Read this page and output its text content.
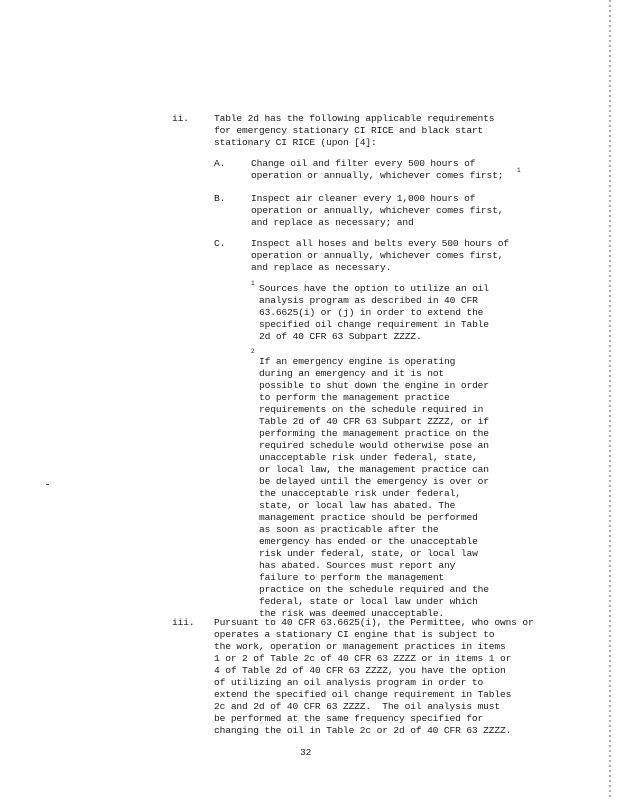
ii.	Table 2d has the following applicable requirements
for emergency stationary CI RICE and black start
stationary CI RICE (upon [4]:
A.	Change oil and filter every 500 hours of
operation or annually, whichever comes first; 1
B.	Inspect air cleaner every 1,000 hours of
operation or annually, whichever comes first,
and replace as necessary; and
C.	Inspect all hoses and belts every 500 hours of
operation or annually, whichever comes first,
and replace as necessary.
1 Sources have the option to utilize an oil
analysis program as described in 40 CFR
63.6625(i) or (j) in order to extend the
specified oil change requirement in Table
2d of 40 CFR 63 Subpart ZZZZ.
2
If an emergency engine is operating
during an emergency and it is not
possible to shut down the engine in order
to perform the management practice
requirements on the schedule required in
Table 2d of 40 CFR 63 Subpart ZZZZ, or if
performing the management practice on the
required schedule would otherwise pose an
unacceptable risk under federal, state,
or local law, the management practice can
be delayed until the emergency is over or
the unacceptable risk under federal,
state, or local law has abated. The
management practice should be performed
as soon as practicable after the
emergency has ended or the unacceptable
risk under federal, state, or local law
has abated. Sources must report any
failure to perform the management
practice on the schedule required and the
federal, state or local law under which
the risk was deemed unacceptable.
iii. Pursuant to 40 CFR 63.6625(i), the Permittee, who owns or
operates a stationary CI engine that is subject to
the work, operation or management practices in items
1 or 2 of Table 2c of 40 CFR 63 ZZZZ or in items 1 or
4 of Table 2d of 40 CFR 63 ZZZZ, you have the option
of utilizing an oil analysis program in order to
extend the specified oil change requirement in Tables
2c and 2d of 40 CFR 63 ZZZZ.  The oil analysis must
be performed at the same frequency specified for
changing the oil in Table 2c or 2d of 40 CFR 63 ZZZZ.
32
